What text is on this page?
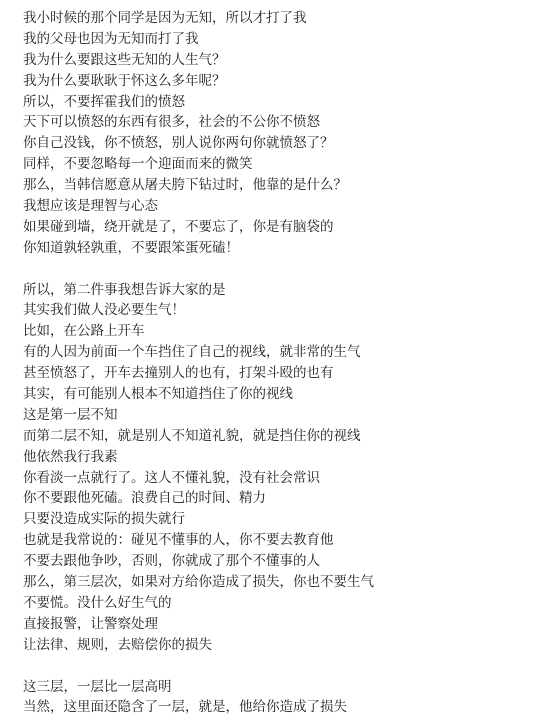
我小时候的那个同学是因为无知，所以才打了我
我的父母也因为无知而打了我
我为什么要跟这些无知的人生气？
我为什么要耿耿于怀这么多年呢？
所以，不要挥霍我们的愤怒
天下可以愤怒的东西有很多，社会的不公你不愤怒
你自己没钱，你不愤怒，别人说你两句你就愤怒了？
同样，不要忽略每一个迎面而来的微笑
那么，当韩信愿意从屠夫胯下钻过时，他靠的是什么？
我想应该是理智与心态
如果碰到墙，绕开就是了，不要忘了，你是有脑袋的
你知道孰轻孰重，不要跟笨蛋死磕！
所以，第二件事我想告诉大家的是
其实我们做人没必要生气！
比如，在公路上开车
有的人因为前面一个车挡住了自己的视线，就非常的生气
甚至愤怒了，开车去撞别人的也有，打架斗殴的也有
其实，有可能别人根本不知道挡住了你的视线
这是第一层不知
而第二层不知，就是别人不知道礼貌，就是挡住你的视线
他依然我行我素
你看淡一点就行了。这人不懂礼貌，没有社会常识
你不要跟他死磕。浪费自己的时间、精力
只要没造成实际的损失就行
也就是我常说的：碰见不懂事的人，你不要去教育他
不要去跟他争吵，否则，你就成了那个不懂事的人
那么，第三层次，如果对方给你造成了损失，你也不要生气
不要慌。没什么好生气的
直接报警，让警察处理
让法律、规则，去赔偿你的损失
这三层，一层比一层高明
当然，这里面还隐含了一层，就是，他给你造成了损失
